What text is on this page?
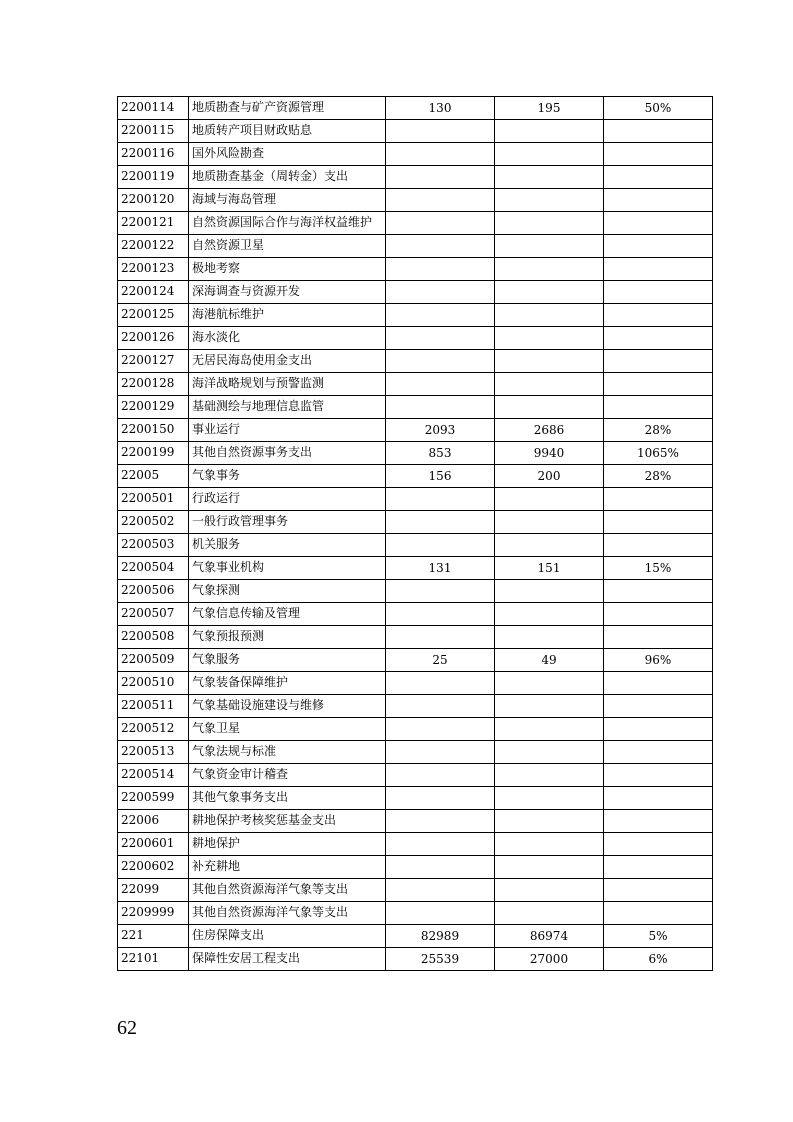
2200114	地质勘查与矿产资源管理	130	195	50%
2200115	地质转产项目财政贴息			
2200116	国外风险勘查			
2200119	地质勘查基金（周转金）支出			
2200120	海域与海岛管理			
2200121	自然资源国际合作与海洋权益维护			
2200122	自然资源卫星			
2200123	极地考察			
2200124	深海调查与资源开发			
2200125	海港航标维护			
2200126	海水淡化			
2200127	无居民海岛使用金支出			
2200128	海洋战略规划与预警监测			
2200129	基础测绘与地理信息监管			
2200150	事业运行	2093	2686	28%
2200199	其他自然资源事务支出	853	9940	1065%
22005	气象事务	156	200	28%
2200501	行政运行			
2200502	一般行政管理事务			
2200503	机关服务			
2200504	气象事业机构	131	151	15%
2200506	气象探测			
2200507	气象信息传输及管理			
2200508	气象预报预测			
2200509	气象服务	25	49	96%
2200510	气象装备保障维护			
2200511	气象基础设施建设与维修			
2200512	气象卫星			
2200513	气象法规与标准			
2200514	气象资金审计稽查			
2200599	其他气象事务支出			
22006	耕地保护考核奖惩基金支出			
2200601	耕地保护			
2200602	补充耕地			
22099	其他自然资源海洋气象等支出			
2209999	其他自然资源海洋气象等支出			
221	住房保障支出	82989	86974	5%
22101	保障性安居工程支出	25539	27000	6%
62
